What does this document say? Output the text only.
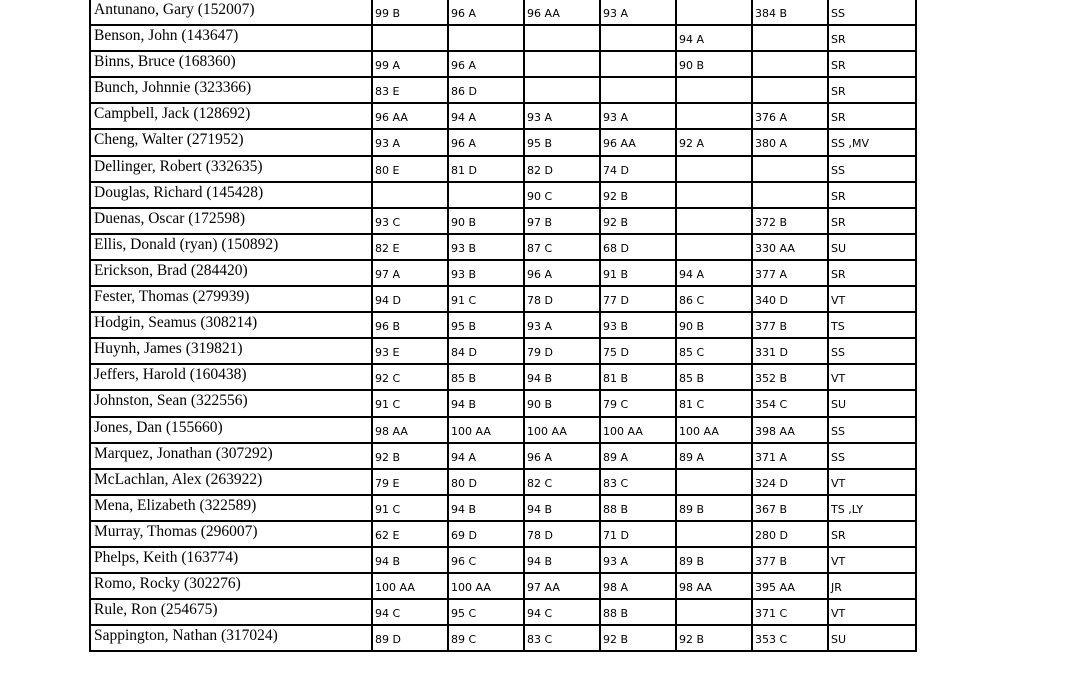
Antunano, Gary (152007)	99 B	96 A	96 AA	93 A		384 B	SS
Benson, John (143647)					94 A		SR
Binns, Bruce (168360)	99 A	96 A			90 B		SR
Bunch, Johnnie (323366)	83 E	86 D					SR
Campbell, Jack (128692)	96 AA	94 A	93 A	93 A		376 A	SR
Cheng, Walter (271952)	93 A	96 A	95 B	96 AA	92 A	380 A	SS ,MV
Dellinger, Robert (332635)	80 E	81 D	82 D	74 D			SS
Douglas, Richard (145428)			90 C	92 B			SR
Duenas, Oscar (172598)	93 C	90 B	97 B	92 B		372 B	SR
Ellis, Donald (ryan) (150892)	82 E	93 B	87 C	68 D		330 AA	SU
Erickson, Brad (284420)	97 A	93 B	96 A	91 B	94 A	377 A	SR
Fester, Thomas (279939)	94 D	91 C	78 D	77 D	86 C	340 D	VT
Hodgin, Seamus (308214)	96 B	95 B	93 A	93 B	90 B	377 B	TS
Huynh, James (319821)	93 E	84 D	79 D	75 D	85 C	331 D	SS
Jeffers, Harold (160438)	92 C	85 B	94 B	81 B	85 B	352 B	VT
Johnston, Sean (322556)	91 C	94 B	90 B	79 C	81 C	354 C	SU
Jones, Dan (155660)	98 AA	100 AA	100 AA	100 AA	100 AA	398 AA	SS
Marquez, Jonathan (307292)	92 B	94 A	96 A	89 A	89 A	371 A	SS
McLachlan, Alex (263922)	79 E	80 D	82 C	83 C		324 D	VT
Mena, Elizabeth (322589)	91 C	94 B	94 B	88 B	89 B	367 B	TS ,LY
Murray, Thomas (296007)	62 E	69 D	78 D	71 D		280 D	SR
Phelps, Keith (163774)	94 B	96 C	94 B	93 A	89 B	377 B	VT
Romo, Rocky (302276)	100 AA	100 AA	97 AA	98 A	98 AA	395 AA	JR
Rule, Ron (254675)	94 C	95 C	94 C	88 B		371 C	VT
Sappington, Nathan (317024)	89 D	89 C	83 C	92 B	92 B	353 C	SU
